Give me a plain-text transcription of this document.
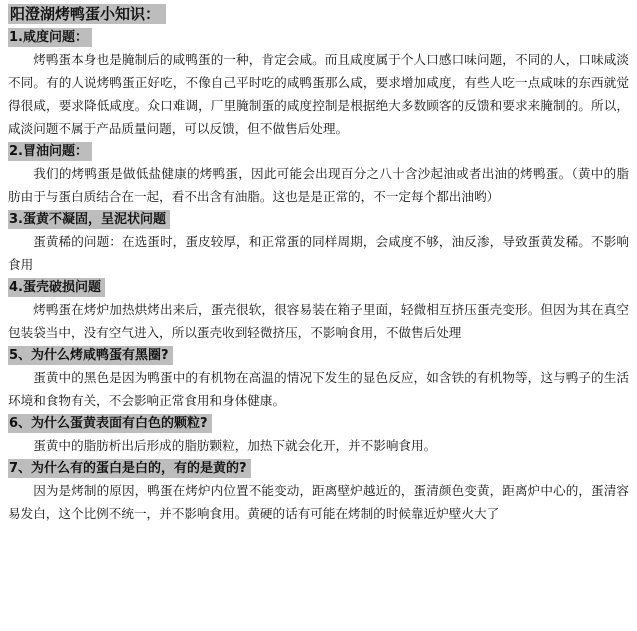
阳澄湖烤鸭蛋小知识：
1.咸度问题：

烤鸭蛋本身也是腌制后的咸鸭蛋的一种，肯定会咸。而且咸度属于个人口感口味问题，不同的人，口味咸淡不同。有的人说烤鸭蛋正好吃，不像自己平时吃的咸鸭蛋那么咸，要求增加咸度，有些人吃一点咸味的东西就觉得很咸，要求降低咸度。众口难调，厂里腌制蛋的咸度控制是根据绝大多数顾客的反馈和要求来腌制的。所以，咸淡问题不属于产品质量问题，可以反馈，但不做售后处理。

2.冒油问题：

我们的烤鸭蛋是做低盐健康的烤鸭蛋，因此可能会出现百分之八十含沙起油或者出油的烤鸭蛋。（黄中的脂肪由于与蛋白质结合在一起，看不出含有油脂。这也是是正常的，不一定每个都出油哟）

3.蛋黄不凝固，呈泥状问题

蛋黄稀的问题：在选蛋时，蛋皮较厚，和正常蛋的同样周期，会咸度不够，油反渗，导致蛋黄发稀。不影响食用

4.蛋壳破损问题

烤鸭蛋在烤炉加热烘烤出来后，蛋壳很软，很容易装在箱子里面，轻微相互挤压蛋壳变形。但因为其在真空包装袋当中，没有空气进入，所以蛋壳收到轻微挤压，不影响食用，不做售后处理

5、为什么烤咸鸭蛋有黑圈?

蛋黄中的黑色是因为鸭蛋中的有机物在高温的情况下发生的显色反应，如含铁的有机物等，这与鸭子的生活环境和食物有关，不会影响正常食用和身体健康。

6、为什么蛋黄表面有白色的颗粒?

蛋黄中的脂肪析出后形成的脂肪颗粒，加热下就会化开，并不影响食用。

7、为什么有的蛋白是白的，有的是黄的?

因为是烤制的原因，鸭蛋在烤炉内位置不能变动，距离壁炉越近的，蛋清颜色变黄，距离炉中心的，蛋清容易发白，这个比例不统一，并不影响食用。黄硬的话有可能在烤制的时候靠近炉壁火大了
